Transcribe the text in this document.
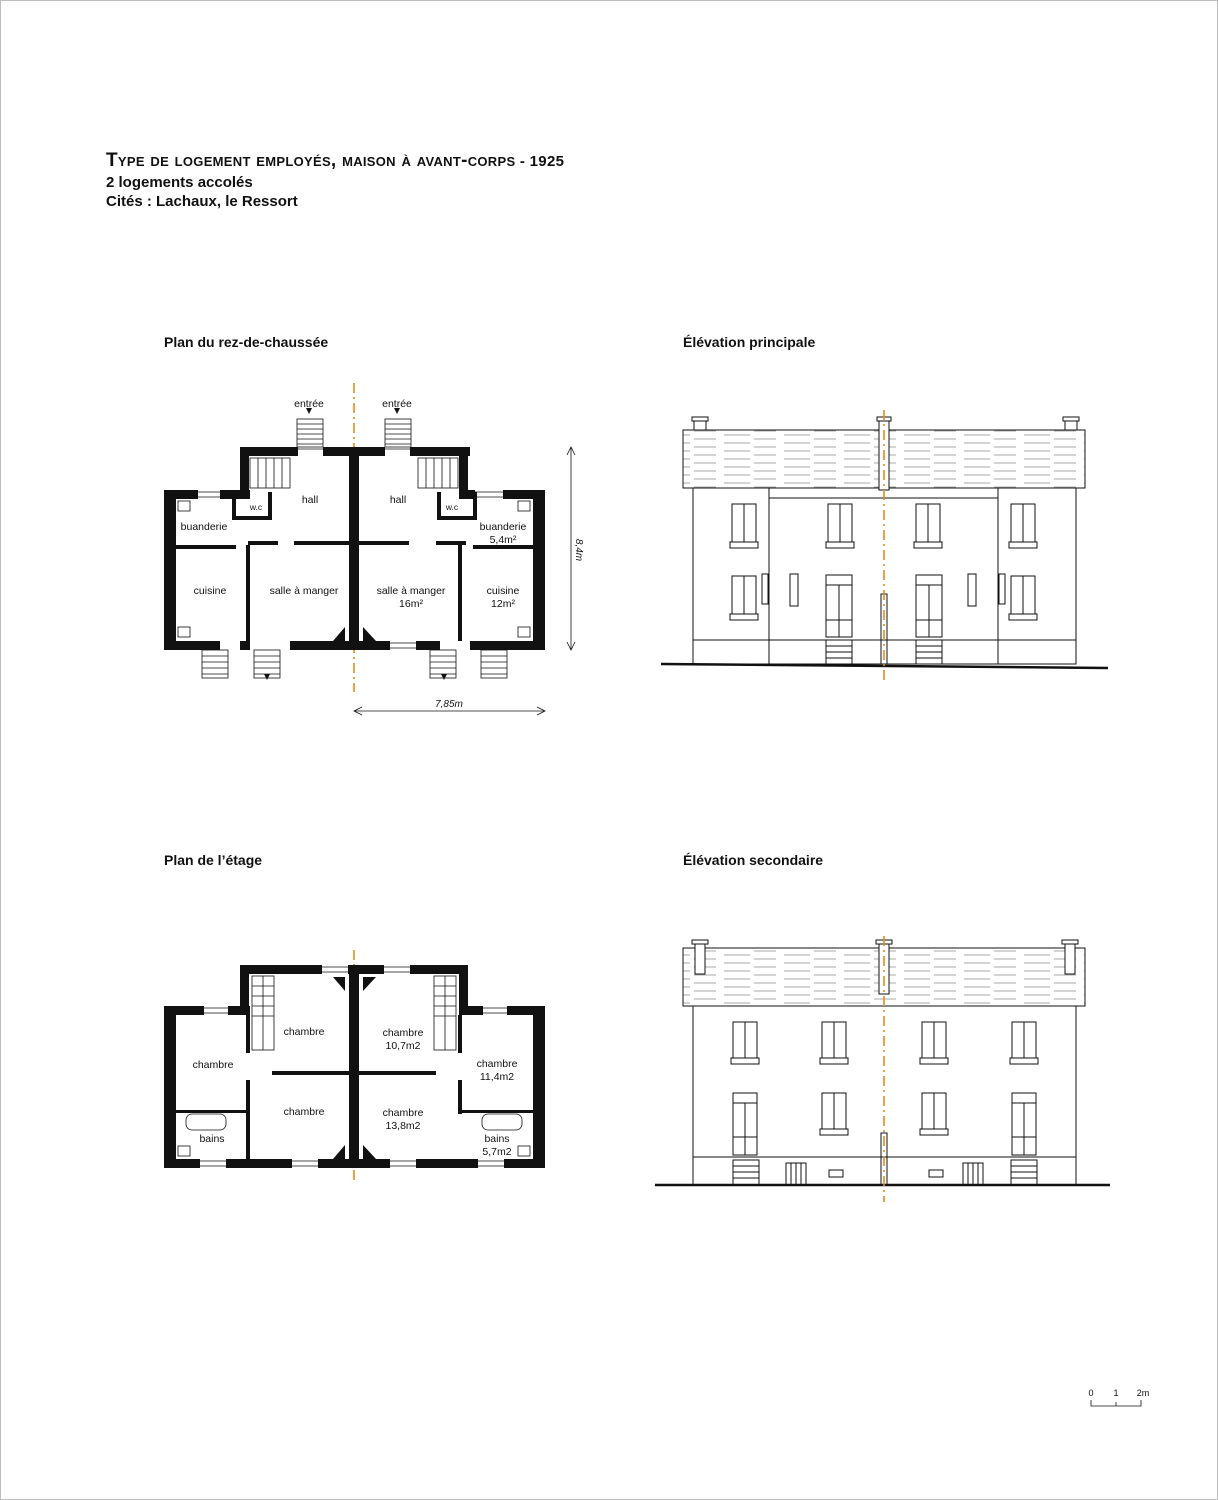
Type de logement employés, maison à avant-corps - 1925

2 logements accolés

Cités : Lachaux, le Ressort

Plan du rez-de-chaussée	Élévation principale
Plan de l’étage	Élévation secondaire
entrée	entrée
hall	hall
w.c	w.c
buanderie	buanderie
5,4m²
cuisine	salle à manger	salle à manger
16m²
cuisine
12m²
8,4m
7,85m
chambre
chambre
chambre
bains
chambre
10,7m2
chambre
11,4m2
chambre
13,8m2
bains
5,7m2
0 1 2m
